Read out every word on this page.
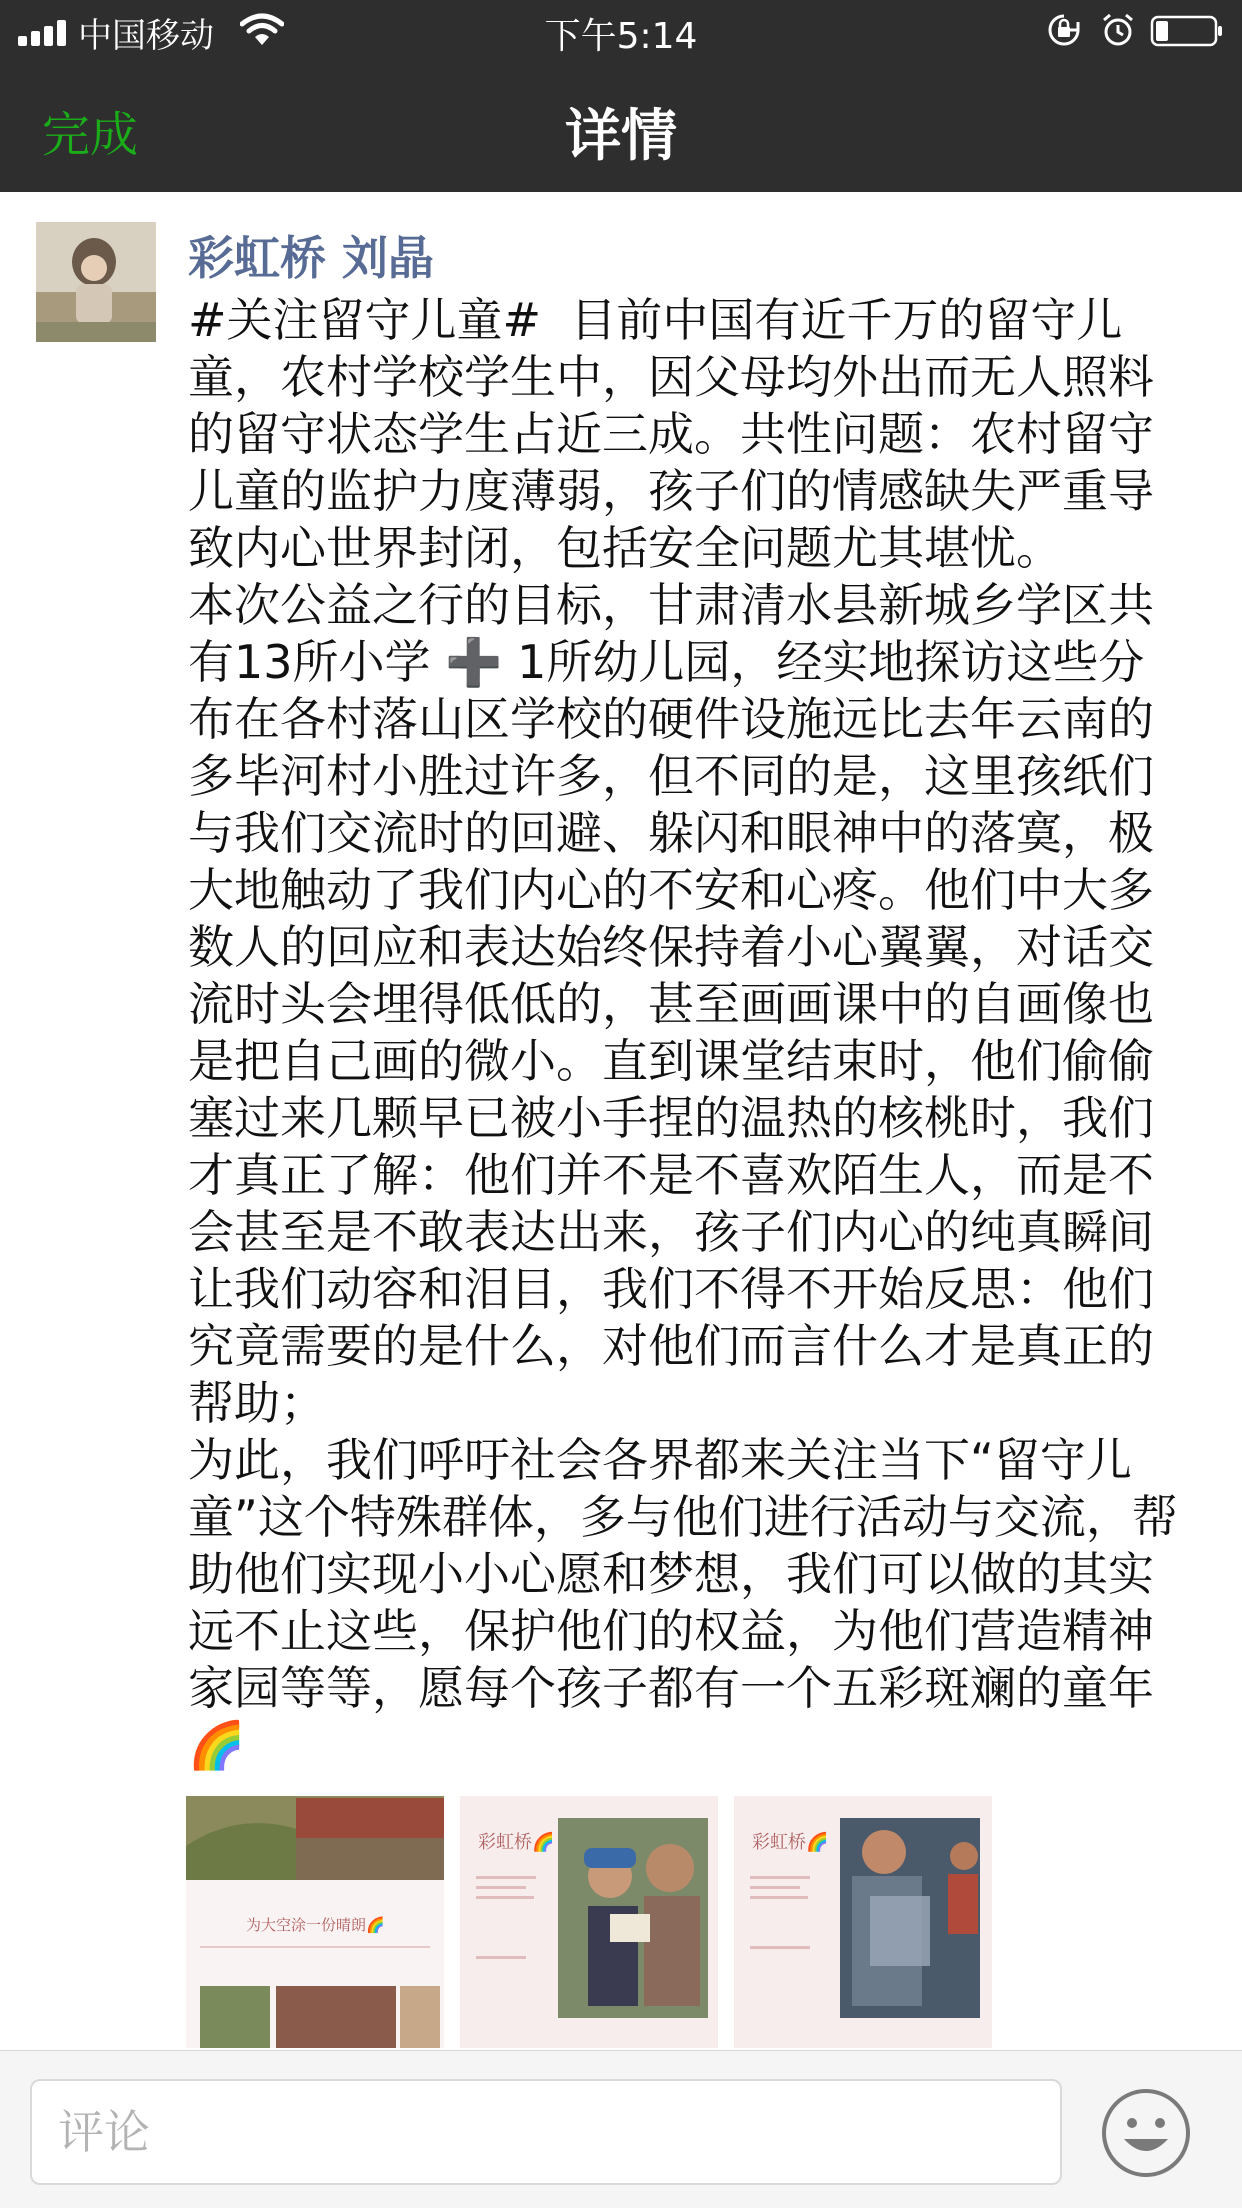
中国移动	下午5:14
完成	详情
彩虹桥 刘晶
#关注留守儿童#  目前中国有近千万的留守儿童，农村学校学生中，因父母均外出而无人照料的留守状态学生占近三成。共性问题：农村留守儿童的监护力度薄弱，孩子们的情感缺失严重导致内心世界封闭，包括安全问题尤其堪忧。
本次公益之行的目标，甘肃清水县新城乡学区共有13所小学 ➕ 1所幼儿园，经实地探访这些分布在各村落山区学校的硬件设施远比去年云南的多毕河村小胜过许多，但不同的是，这里孩纸们与我们交流时的回避、躲闪和眼神中的落寞，极大地触动了我们内心的不安和心疼。他们中大多数人的回应和表达始终保持着小心翼翼，对话交流时头会埋得低低的，甚至画画课中的自画像也是把自己画的微小。直到课堂结束时，他们偷偷塞过来几颗早已被小手捏的温热的核桃时，我们才真正了解：他们并不是不喜欢陌生人，而是不会甚至是不敢表达出来，孩子们内心的纯真瞬间让我们动容和泪目，我们不得不开始反思：他们究竟需要的是什么，对他们而言什么才是真正的帮助；
为此，我们呼吁社会各界都来关注当下“留守儿童”这个特殊群体，多与他们进行活动与交流，帮助他们实现小小心愿和梦想，我们可以做的其实远不止这些，保护他们的权益，为他们营造精神家园等等，愿每个孩子都有一个五彩斑斓的童年🌈
为大空涂一份晴朗🌈
彩虹桥🌈	彩虹桥🌈
评论
